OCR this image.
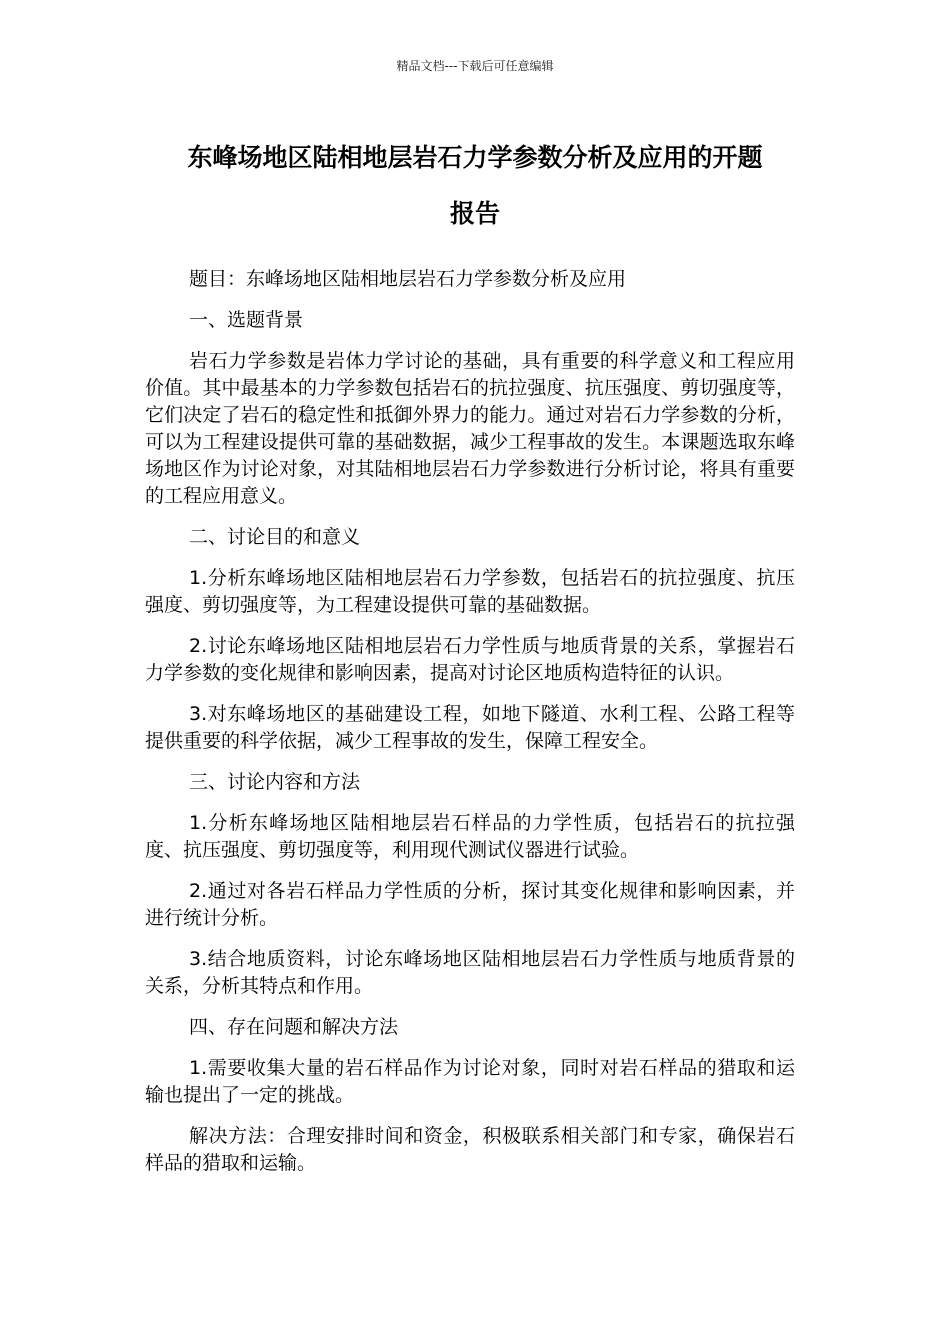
精品文档---下载后可任意编辑
东峰场地区陆相地层岩石力学参数分析及应用的开题
报告

题目：东峰场地区陆相地层岩石力学参数分析及应用

一、选题背景

岩石力学参数是岩体力学讨论的基础，具有重要的科学意义和工程应用价值。其中最基本的力学参数包括岩石的抗拉强度、抗压强度、剪切强度等，它们决定了岩石的稳定性和抵御外界力的能力。通过对岩石力学参数的分析，可以为工程建设提供可靠的基础数据，减少工程事故的发生。本课题选取东峰场地区作为讨论对象，对其陆相地层岩石力学参数进行分析讨论，将具有重要的工程应用意义。

二、讨论目的和意义

1.分析东峰场地区陆相地层岩石力学参数，包括岩石的抗拉强度、抗压强度、剪切强度等，为工程建设提供可靠的基础数据。

2.讨论东峰场地区陆相地层岩石力学性质与地质背景的关系，掌握岩石力学参数的变化规律和影响因素，提高对讨论区地质构造特征的认识。

3.对东峰场地区的基础建设工程，如地下隧道、水利工程、公路工程等提供重要的科学依据，减少工程事故的发生，保障工程安全。

三、讨论内容和方法

1.分析东峰场地区陆相地层岩石样品的力学性质，包括岩石的抗拉强度、抗压强度、剪切强度等，利用现代测试仪器进行试验。

2.通过对各岩石样品力学性质的分析，探讨其变化规律和影响因素，并进行统计分析。

3.结合地质资料，讨论东峰场地区陆相地层岩石力学性质与地质背景的关系，分析其特点和作用。

四、存在问题和解决方法

1.需要收集大量的岩石样品作为讨论对象，同时对岩石样品的猎取和运输也提出了一定的挑战。

解决方法：合理安排时间和资金，积极联系相关部门和专家，确保岩石样品的猎取和运输。
